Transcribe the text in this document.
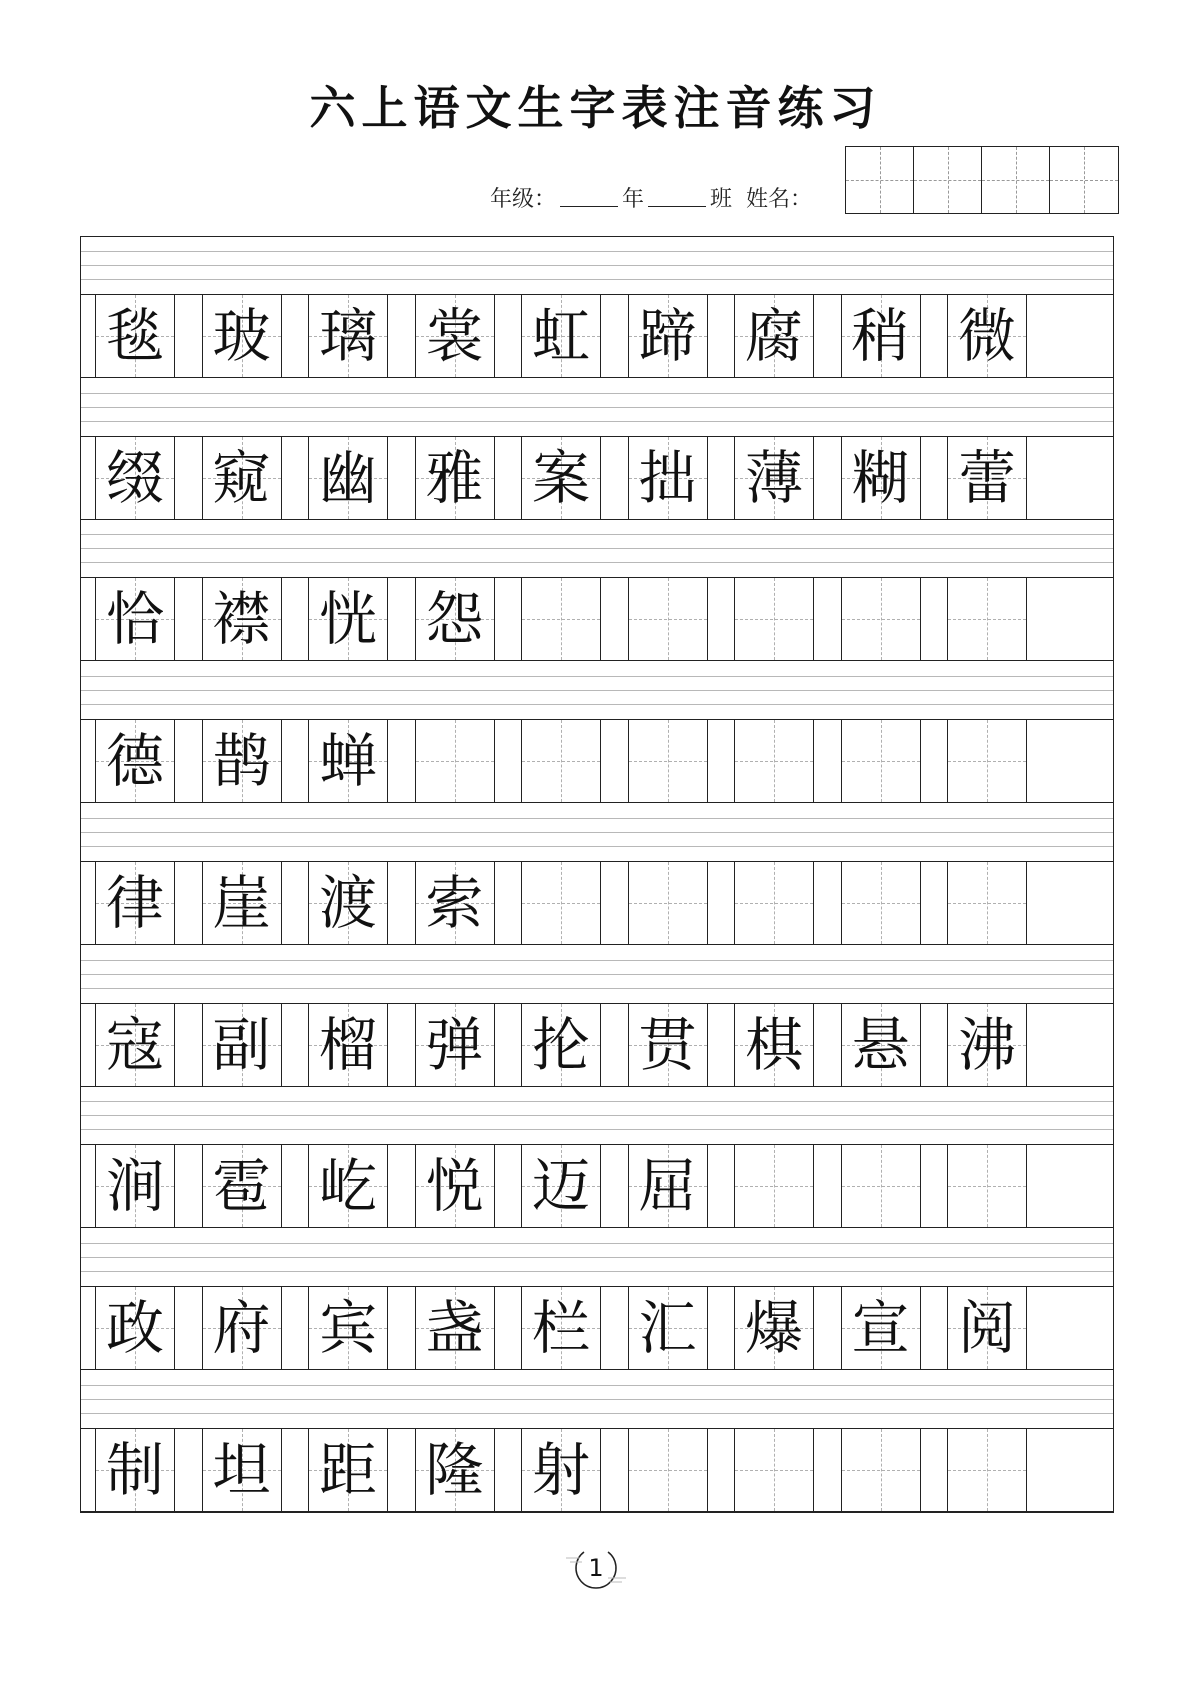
六上语文生字表注音练习
年级：	年	班 姓名：
毯 玻 璃 裳 虹 蹄 腐 稍 微
缀 窥 幽 雅 案 拙 薄 糊 蕾
恰 襟 恍 怨
德 鹊 蝉
律 崖 渡 索
寇 副 榴 弹 抡 贯 棋 悬 沸
涧 雹 屹 悦 迈 屈
政 府 宾 盏 栏 汇 爆 宣 阅
制 坦 距 隆 射
1
